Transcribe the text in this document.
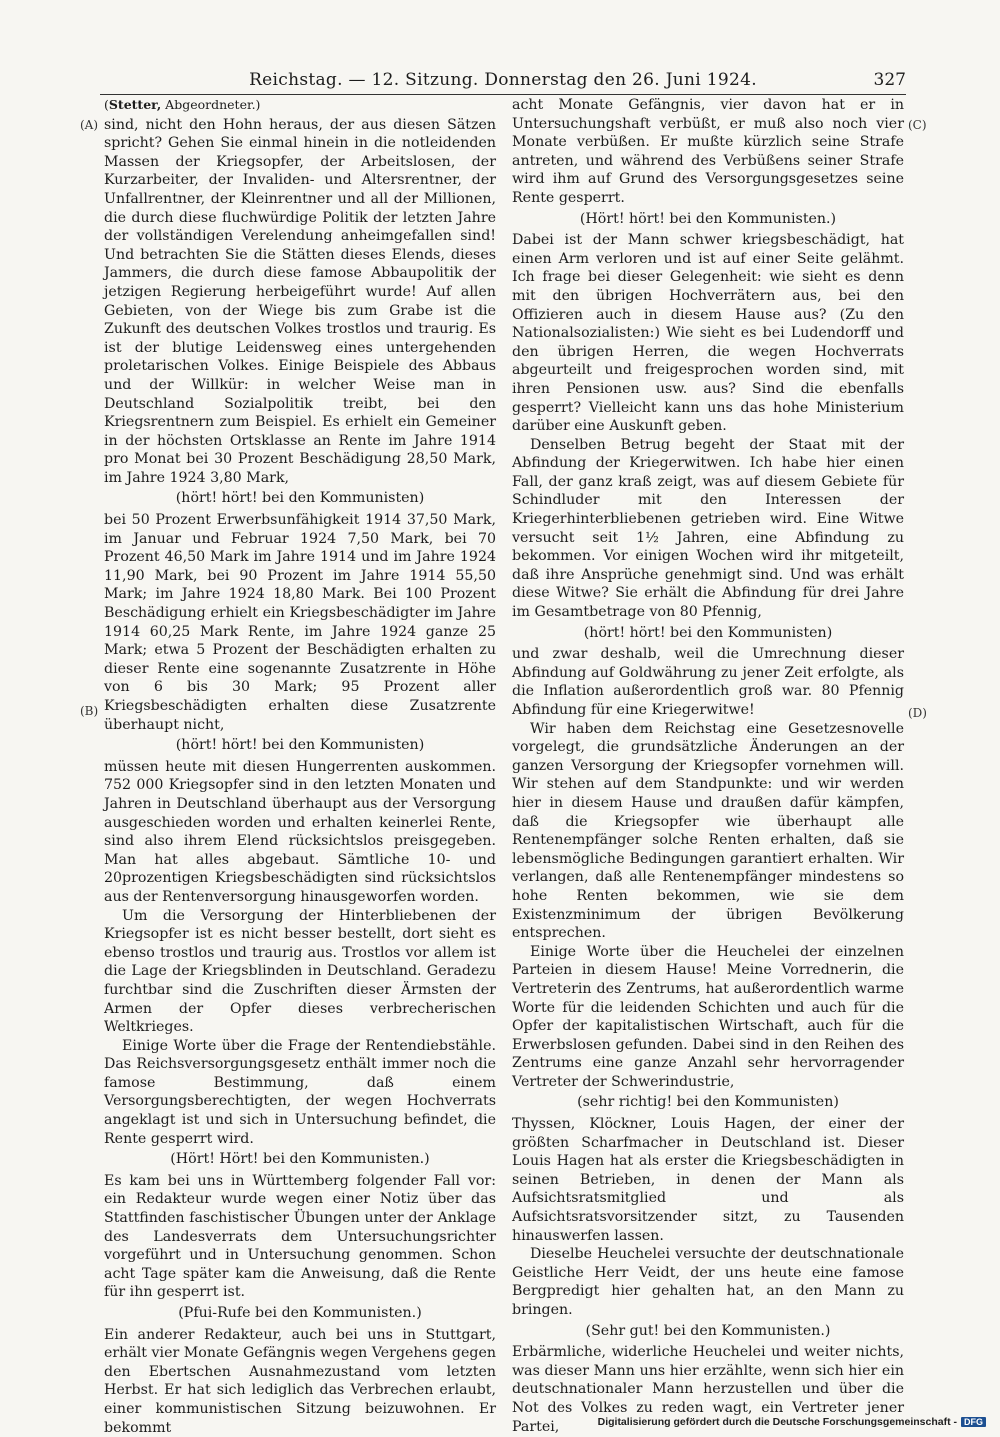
Reichstag. — 12. Sitzung. Donnerstag den 26. Juni 1924.	327
(A)
(B)
(C)
(D)

(Stetter, Abgeordneter.)

sind, nicht den Hohn heraus, der aus diesen Sätzen spricht? Gehen Sie einmal hinein in die notleidenden Massen der Kriegsopfer, der Arbeitslosen, der Kurzarbeiter, der Invaliden- und Altersrentner, der Unfallrentner, der Kleinrentner und all der Millionen, die durch diese fluchwürdige Politik der letzten Jahre der vollständigen Verelendung anheimgefallen sind! Und betrachten Sie die Stätten dieses Elends, dieses Jammers, die durch diese famose Abbaupolitik der jetzigen Regierung herbeigeführt wurde! Auf allen Gebieten, von der Wiege bis zum Grabe ist die Zukunft des deutschen Volkes trostlos und traurig. Es ist der blutige Leidensweg eines untergehenden proletarischen Volkes. Einige Beispiele des Abbaus und der Willkür: in welcher Weise man in Deutschland Sozialpolitik treibt, bei den Kriegsrentnern zum Beispiel. Es erhielt ein Gemeiner in der höchsten Ortsklasse an Rente im Jahre 1914 pro Monat bei 30 Prozent Beschädigung 28,50 Mark, im Jahre 1924 3,80 Mark,

(hört! hört! bei den Kommunisten)

bei 50 Prozent Erwerbsunfähigkeit 1914 37,50 Mark, im Januar und Februar 1924 7,50 Mark, bei 70 Prozent 46,50 Mark im Jahre 1914 und im Jahre 1924 11,90 Mark, bei 90 Prozent im Jahre 1914 55,50 Mark; im Jahre 1924 18,80 Mark. Bei 100 Prozent Beschädigung erhielt ein Kriegsbeschädigter im Jahre 1914 60,25 Mark Rente, im Jahre 1924 ganze 25 Mark; etwa 5 Prozent der Beschädigten erhalten zu dieser Rente eine sogenannte Zusatzrente in Höhe von 6 bis 30 Mark; 95 Prozent aller Kriegsbeschädigten erhalten diese Zusatzrente überhaupt nicht,

(hört! hört! bei den Kommunisten)

müssen heute mit diesen Hungerrenten auskommen. 752 000 Kriegsopfer sind in den letzten Monaten und Jahren in Deutschland überhaupt aus der Versorgung ausgeschieden worden und erhalten keinerlei Rente, sind also ihrem Elend rücksichtslos preisgegeben. Man hat alles abgebaut. Sämtliche 10- und 20prozentigen Kriegsbeschädigten sind rücksichtslos aus der Rentenversorgung hinausgeworfen worden.

Um die Versorgung der Hinterbliebenen der Kriegsopfer ist es nicht besser bestellt, dort sieht es ebenso trostlos und traurig aus. Trostlos vor allem ist die Lage der Kriegsblinden in Deutschland. Geradezu furchtbar sind die Zuschriften dieser Ärmsten der Armen der Opfer dieses verbrecherischen Weltkrieges.

Einige Worte über die Frage der Rentendiebstähle. Das Reichsversorgungsgesetz enthält immer noch die famose Bestimmung, daß einem Versorgungsberechtigten, der wegen Hochverrats angeklagt ist und sich in Untersuchung befindet, die Rente gesperrt wird.

(Hört! Hört! bei den Kommunisten.)

Es kam bei uns in Württemberg folgender Fall vor: ein Redakteur wurde wegen einer Notiz über das Stattfinden faschistischer Übungen unter der Anklage des Landesverrats dem Untersuchungsrichter vorgeführt und in Untersuchung genommen. Schon acht Tage später kam die Anweisung, daß die Rente für ihn gesperrt ist.

(Pfui-Rufe bei den Kommunisten.)

Ein anderer Redakteur, auch bei uns in Stuttgart, erhält vier Monate Gefängnis wegen Vergehens gegen den Ebertschen Ausnahmezustand vom letzten Herbst. Er hat sich lediglich das Verbrechen erlaubt, einer kommunistischen Sitzung beizuwohnen. Er bekommt

acht Monate Gefängnis, vier davon hat er in Untersuchungshaft verbüßt, er muß also noch vier Monate verbüßen. Er mußte kürzlich seine Strafe antreten, und während des Verbüßens seiner Strafe wird ihm auf Grund des Versorgungsgesetzes seine Rente gesperrt.

(Hört! hört! bei den Kommunisten.)

Dabei ist der Mann schwer kriegsbeschädigt, hat einen Arm verloren und ist auf einer Seite gelähmt. Ich frage bei dieser Gelegenheit: wie sieht es denn mit den übrigen Hochverrätern aus, bei den Offizieren auch in diesem Hause aus? (Zu den Nationalsozialisten:) Wie sieht es bei Ludendorff und den übrigen Herren, die wegen Hochverrats abgeurteilt und freigesprochen worden sind, mit ihren Pensionen usw. aus? Sind die ebenfalls gesperrt? Vielleicht kann uns das hohe Ministerium darüber eine Auskunft geben.

Denselben Betrug begeht der Staat mit der Abfindung der Kriegerwitwen. Ich habe hier einen Fall, der ganz kraß zeigt, was auf diesem Gebiete für Schindluder mit den Interessen der Kriegerhinterbliebenen getrieben wird. Eine Witwe versucht seit 1½ Jahren, eine Abfindung zu bekommen. Vor einigen Wochen wird ihr mitgeteilt, daß ihre Ansprüche genehmigt sind. Und was erhält diese Witwe? Sie erhält die Abfindung für drei Jahre im Gesamtbetrage von 80 Pfennig,

(hört! hört! bei den Kommunisten)

und zwar deshalb, weil die Umrechnung dieser Abfindung auf Goldwährung zu jener Zeit erfolgte, als die Inflation außerordentlich groß war. 80 Pfennig Abfindung für eine Kriegerwitwe!

Wir haben dem Reichstag eine Gesetzesnovelle vorgelegt, die grundsätzliche Änderungen an der ganzen Versorgung der Kriegsopfer vornehmen will. Wir stehen auf dem Standpunkte: und wir werden hier in diesem Hause und draußen dafür kämpfen, daß die Kriegsopfer wie überhaupt alle Rentenempfänger solche Renten erhalten, daß sie lebensmögliche Bedingungen garantiert erhalten. Wir verlangen, daß alle Rentenempfänger mindestens so hohe Renten bekommen, wie sie dem Existenzminimum der übrigen Bevölkerung entsprechen.

Einige Worte über die Heuchelei der einzelnen Parteien in diesem Hause! Meine Vorrednerin, die Vertreterin des Zentrums, hat außerordentlich warme Worte für die leidenden Schichten und auch für die Opfer der kapitalistischen Wirtschaft, auch für die Erwerbslosen gefunden. Dabei sind in den Reihen des Zentrums eine ganze Anzahl sehr hervorragender Vertreter der Schwerindustrie,

(sehr richtig! bei den Kommunisten)

Thyssen, Klöckner, Louis Hagen, der einer der größten Scharfmacher in Deutschland ist. Dieser Louis Hagen hat als erster die Kriegsbeschädigten in seinen Betrieben, in denen der Mann als Aufsichtsratsmitglied und als Aufsichtsratsvorsitzender sitzt, zu Tausenden hinauswerfen lassen.

Dieselbe Heuchelei versuchte der deutschnationale Geistliche Herr Veidt, der uns heute eine famose Bergpredigt hier gehalten hat, an den Mann zu bringen.

(Sehr gut! bei den Kommunisten.)

Erbärmliche, widerliche Heuchelei und weiter nichts, was dieser Mann uns hier erzählte, wenn sich hier ein deutschnationaler Mann herzustellen und über die Not des Volkes zu reden wagt, ein Vertreter jener Partei,	Digitalisierung gefördert durch die Deutsche Forschungsgemeinschaft - DFG
